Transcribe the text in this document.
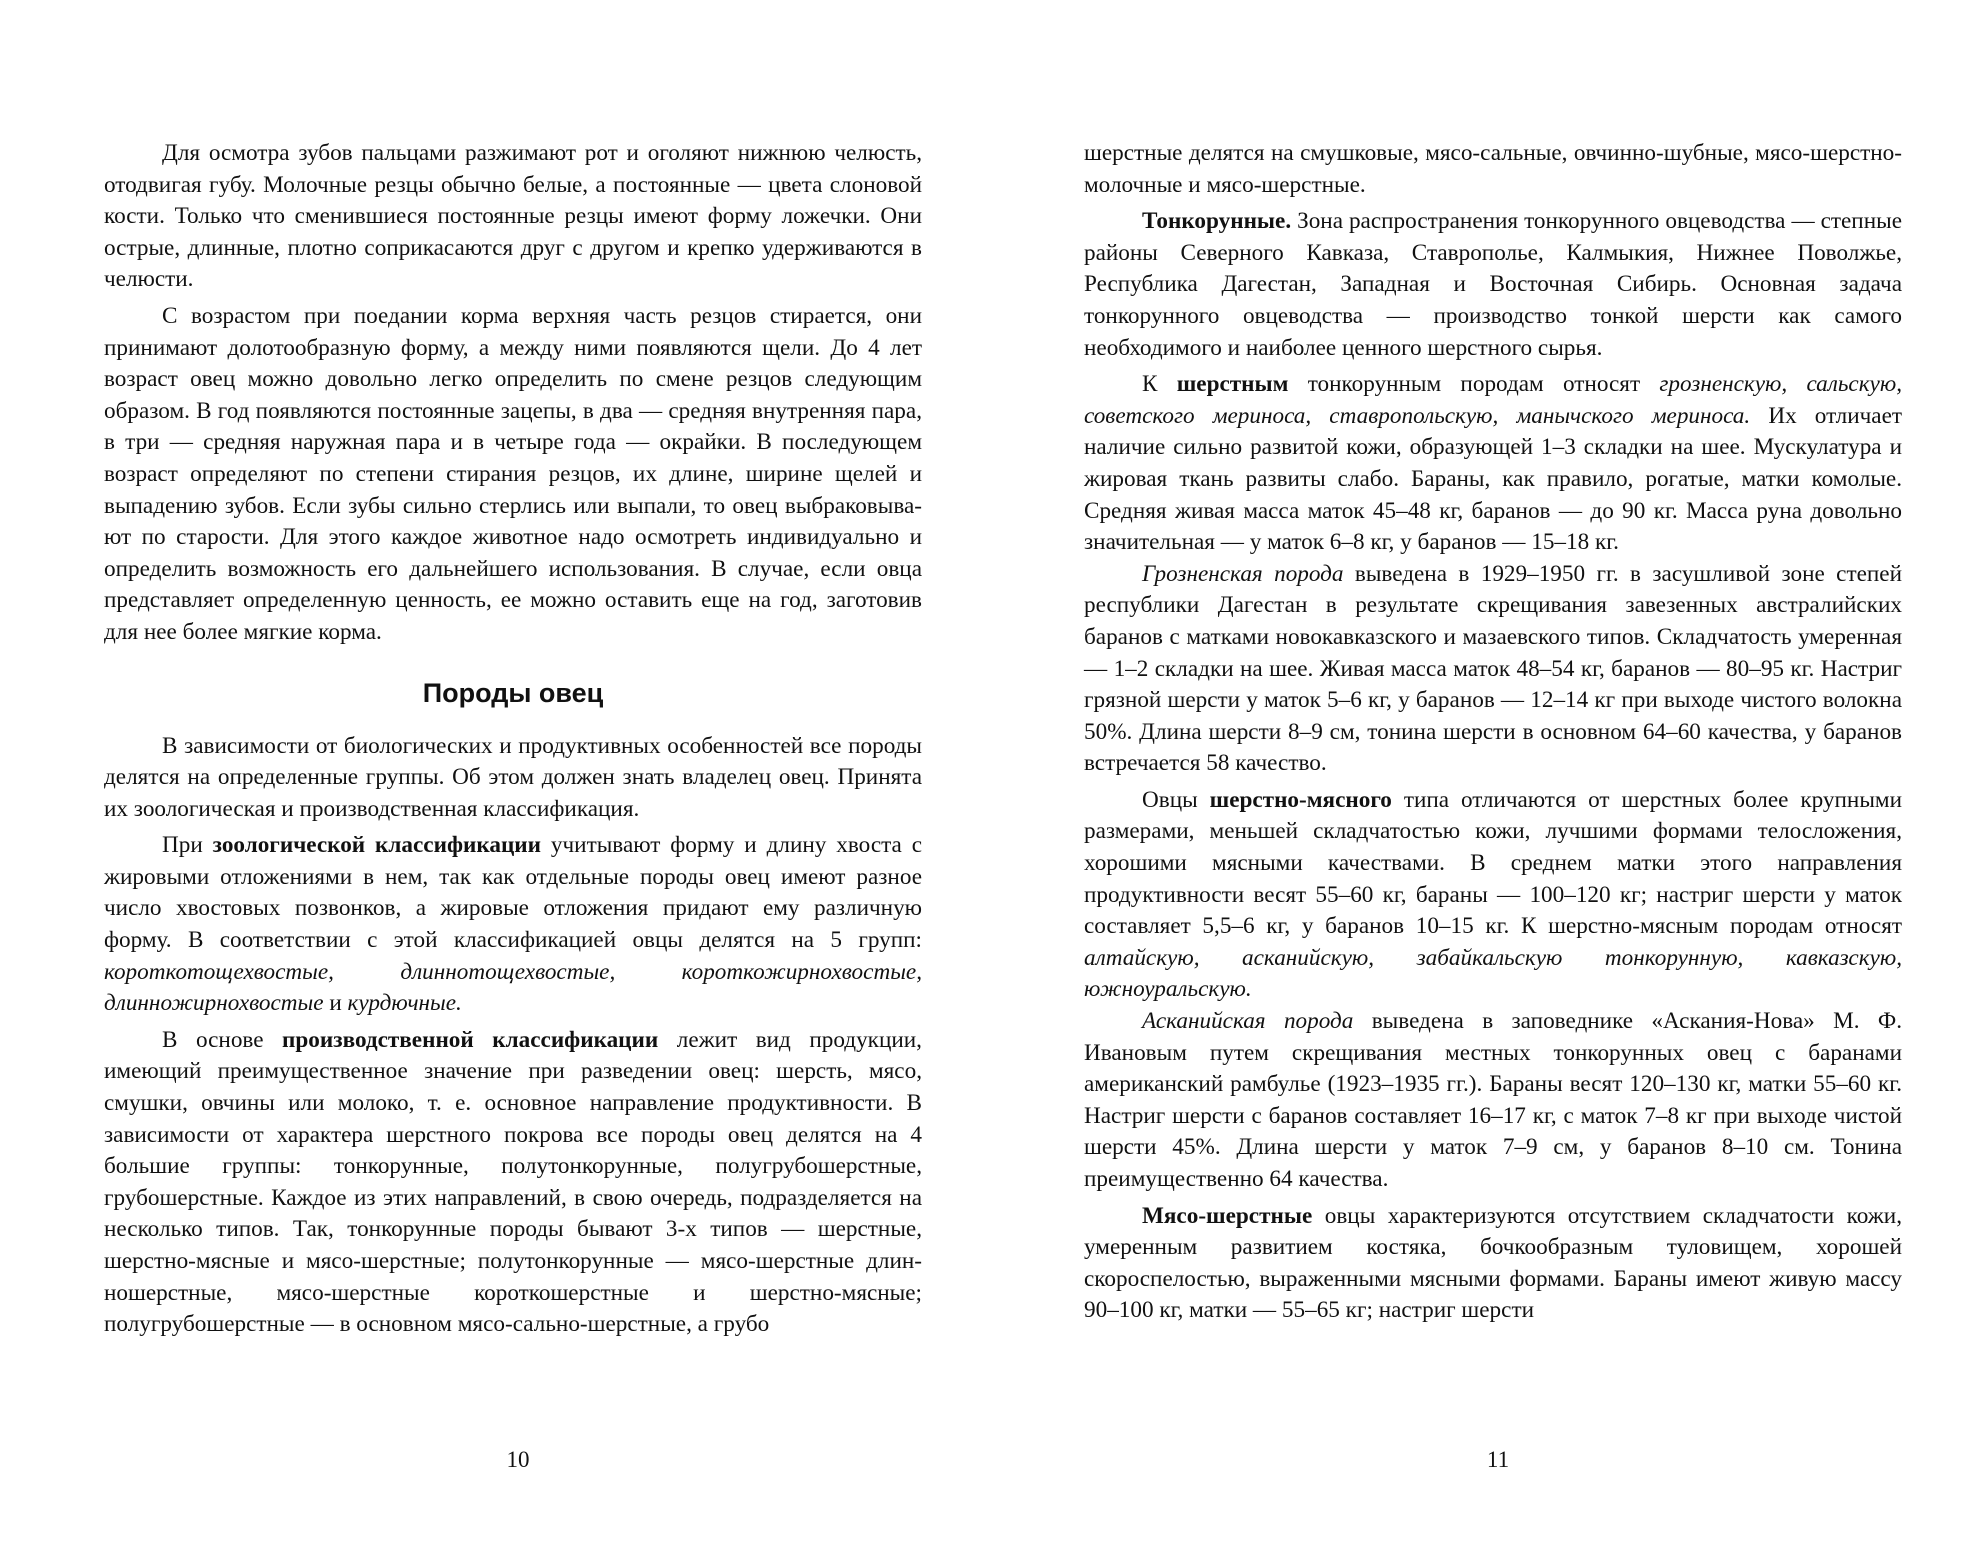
Для осмотра зубов пальцами разжимают рот и оголяют нижнюю челюсть, отодвигая губу. Молочные резцы обычно белые, а постоянные — цвета слоновой кости. Только что сменившиеся постоянные резцы имеют форму ложечки. Они острые, длинные, плотно соприкасаются друг с другом и крепко удерживаются в челюсти.

С возрастом при поедании корма верхняя часть резцов стирается, они принимают долотообразную форму, а между ними появляются щели. До 4 лет возраст овец можно довольно легко определить по смене резцов следующим образом. В год появляются постоянные зацепы, в два — средняя внутренняя пара, в три — средняя наружная пара и в четыре года — окрайки. В последующем возраст определяют по степени стирания резцов, их длине, ширине щелей и выпадению зубов. Если зубы сильно стерлись или выпали, то овец выбраковывают по старости. Для этого каждое животное надо осмотреть индивидуально и определить возможность его дальнейшего использования. В случае, если овца представляет определенную ценность, ее можно оставить еще на год, заготовив для нее более мягкие корма.

Породы овец

В зависимости от биологических и продуктивных особенностей все породы делятся на определенные группы. Об этом должен знать владелец овец. Принята их зоологическая и производственная классификация.

При зоологической классификации учитывают форму и длину хвоста с жировыми отложениями в нем, так как отдельные породы овец имеют разное число хвостовых позвонков, а жировые отложения придают ему различную форму. В соответствии с этой классификацией овцы делятся на 5 групп: короткотощехвостые, длиннотощехвостые, короткожирнохвостые, длинножирнохвостые и курдючные.

В основе производственной классификации лежит вид продукции, имеющий преимущественное значение при разведении овец: шерсть, мясо, смушки, овчины или молоко, т. е. основное направление продуктивности. В зависимости от характера шерстного покрова все породы овец делятся на 4 большие группы: тонкорунные, полутонкорунные, полугрубошерстные, грубошерстные. Каждое из этих направлений, в свою очередь, подразделяется на несколько типов. Так, тонкорунные породы бывают 3-х типов — шерстные, шерстно-мясные и мясо-шерстные; полутонкорунные — мясо-шерстные длинношерстные, мясо-шерстные короткошерстные и шерстно-мясные; полугрубошерстные — в основном мясо-сально-шерстные, а грубо

10

шерстные делятся на смушковые, мясо-сальные, овчинно-шубные, мясо-шерстно-молочные и мясо-шерстные.

Тонкорунные. Зона распространения тонкорунного овцеводства — степные районы Северного Кавказа, Ставрополье, Калмыкия, Нижнее Поволжье, Республика Дагестан, Западная и Восточная Сибирь. Основная задача тонкорунного овцеводства — производство тонкой шерсти как самого необходимого и наиболее ценного шерстного сырья.

К шерстным тонкорунным породам относят грозненскую, сальскую, советского мериноса, ставропольскую, манычского мериноса. Их отличает наличие сильно развитой кожи, образующей 1–3 складки на шее. Мускулатура и жировая ткань развиты слабо. Бараны, как правило, рогатые, матки комолые. Средняя живая масса маток 45–48 кг, баранов — до 90 кг. Масса руна довольно значительная — у маток 6–8 кг, у баранов — 15–18 кг.

Грозненская порода выведена в 1929–1950 гг. в засушливой зоне степей республики Дагестан в результате скрещивания завезенных австралийских баранов с матками новокавказского и мазаевского типов. Складчатость умеренная — 1–2 складки на шее. Живая масса маток 48–54 кг, баранов — 80–95 кг. Настриг грязной шерсти у маток 5–6 кг, у баранов — 12–14 кг при выходе чистого волокна 50%. Длина шерсти 8–9 см, тонина шерсти в основном 64–60 качества, у баранов встречается 58 качество.

Овцы шерстно-мясного типа отличаются от шерстных более крупными размерами, меньшей складчатостью кожи, лучшими формами телосложения, хорошими мясными качествами. В среднем матки этого направления продуктивности весят 55–60 кг, бараны — 100–120 кг; настриг шерсти у маток составляет 5,5–6 кг, у баранов 10–15 кг. К шерстно-мясным породам относят алтайскую, асканийскую, забайкальскую тонкорунную, кавказскую, южноуральскую.

Асканийская порода выведена в заповеднике «Аскания-Нова» М. Ф. Ивановым путем скрещивания местных тонкорунных овец с баранами американский рамбулье (1923–1935 гг.). Бараны весят 120–130 кг, матки 55–60 кг. Настриг шерсти с баранов составляет 16–17 кг, с маток 7–8 кг при выходе чистой шерсти 45%. Длина шерсти у маток 7–9 см, у баранов 8–10 см. Тонина преимущественно 64 качества.

Мясо-шерстные овцы характеризуются отсутствием складчатости кожи, умеренным развитием костяка, бочкообразным туловищем, хорошей скороспелостью, выраженными мясными формами. Бараны имеют живую массу 90–100 кг, матки — 55–65 кг; настриг шерсти

11
